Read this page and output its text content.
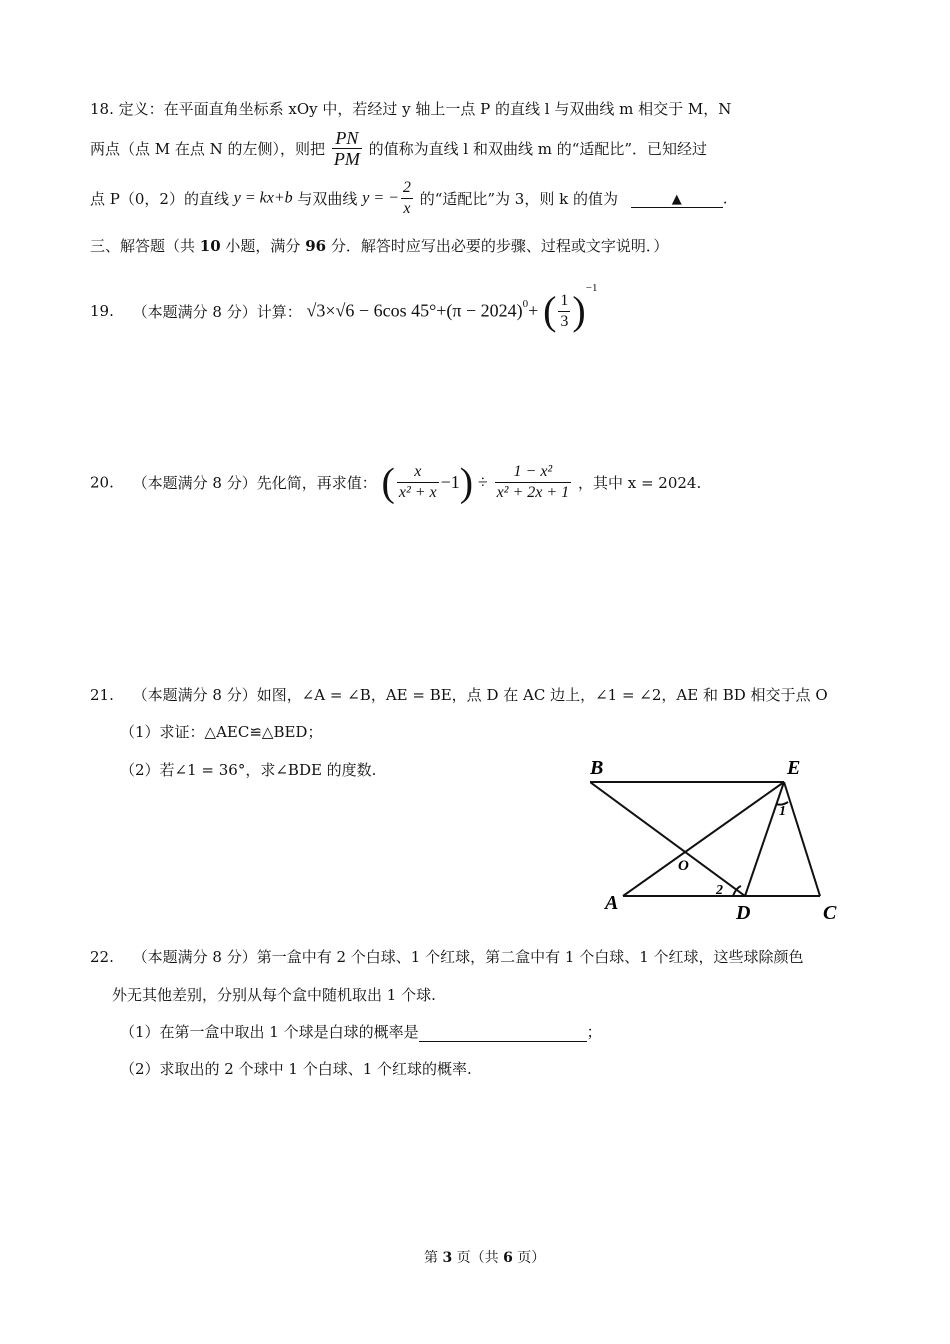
18. 定义：在平面直角坐标系 xOy 中，若经过 y 轴上一点 P 的直线 l 与双曲线 m 相交于 M，N
两点（点 M 在点 N 的左侧），则把 $\frac{PN}{PM}$ 的值称为直线 l 和双曲线 m 的“适配比”．已知经过
点 P（0，2）的直线 y = kx+b 与双曲线 y = − $\frac{2}{x}$ 的“适配比”为 3，则 k 的值为	▲	.
三、解答题（共 10 小题，满分 96 分．解答时应写出必要的步骤、过程或文字说明．）
19. （本题满分 8 分）计算： √3×√6 − 6cos $45^\circ+(\pi - 2024)^0+$ ( $\frac{1}{3} )^{-1}$
20. （本题满分 8 分）先化简，再求值： ( $\frac{x}{\text{x² + x}} -1) \div \frac{\text{1 − x²}}{\text{x² + 2x + 1}}$ ，其中 x = 2024.
21. （本题满分 8 分）如图，∠A = ∠B，AE = BE，点 D 在 AC 边上，∠1 = ∠2，AE 和 BD 相交于点 O
（1）求证：△AEC≌△BED；
（2）若∠1 = 36°，求∠BDE 的度数.	B	E
A	D	C
O
1
2
22. （本题满分 8 分）第一盒中有 2 个白球、1 个红球，第二盒中有 1 个白球、1 个红球，这些球除颜色
外无其他差别，分别从每个盒中随机取出 1 个球.
（1）在第一盒中取出 1 个球是白球的概率是	；
（2）求取出的 2 个球中 1 个白球、1 个红球的概率.
第 3 页（共 6 页）
